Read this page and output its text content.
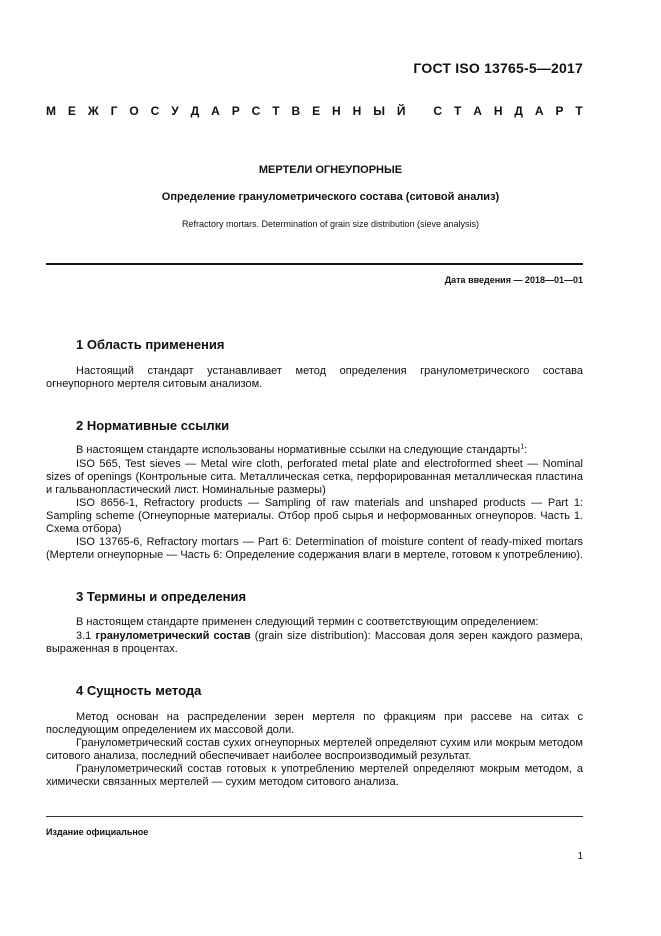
ГОСТ ISO 13765-5—2017
М Е Ж Г О С У Д А Р С Т В Е Н Н Ы Й С Т А Н Д А Р Т
МЕРТЕЛИ ОГНЕУПОРНЫЕ
Определение гранулометрического состава (ситовой анализ)
Refractory mortars. Determination of grain size distribution (sieve analysis)
Дата введения — 2018—01—01
1 Область применения
Настоящий стандарт устанавливает метод определения гранулометрического состава огнеупорного мертеля ситовым анализом.
2 Нормативные ссылки
В настоящем стандарте использованы нормативные ссылки на следующие стандарты$^1$:
ISO 565, Test sieves — Metal wire cloth, perforated metal plate and electroformed sheet — Nominal sizes of openings (Контрольные сита. Металлическая сетка, перфорированная металлическая пластина и гальванопластический лист. Номинальные размеры)
ISO 8656-1, Refractory products — Sampling of raw materials and unshaped products — Part 1: Sampling scheme (Огнеупорные материалы. Отбор проб сырья и неформованных огнеупоров. Часть 1. Схема отбора)
ISO 13765-6, Refractory mortars — Part 6: Determination of moisture content of ready-mixed mortars (Мертели огнеупорные — Часть 6: Определение содержания влаги в мертеле, готовом к употреблению).
3 Термины и определения
В настоящем стандарте применен следующий термин с соответствующим определением:
3.1 гранулометрический состав (grain size distribution): Массовая доля зерен каждого размера, выраженная в процентах.
4 Сущность метода
Метод основан на распределении зерен мертеля по фракциям при рассеве на ситах с последующим определением их массовой доли.
Гранулометрический состав сухих огнеупорных мертелей определяют сухим или мокрым методом ситового анализа, последний обеспечивает наиболее воспроизводимый результат.
Гранулометрический состав готовых к употреблению мертелей определяют мокрым методом, а химически связанных мертелей — сухим методом ситового анализа.
Издание официальное
1
